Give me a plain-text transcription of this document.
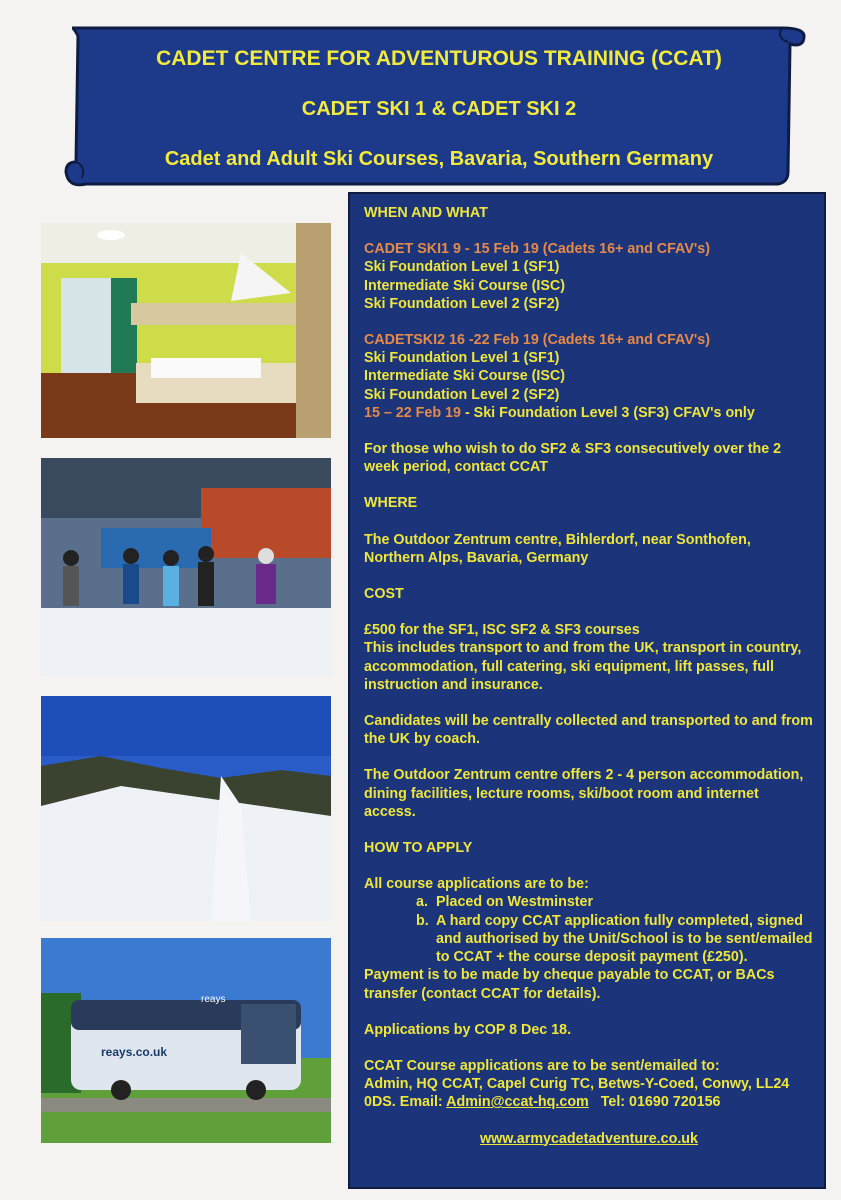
CADET CENTRE FOR ADVENTUROUS TRAINING (CCAT)
CADET SKI 1 & CADET SKI 2
Cadet and Adult Ski Courses, Bavaria, Southern Germany
reays
reays.co.uk

WHEN AND WHAT

CADET SKI1 9 - 15 Feb 19 (Cadets 16+ and CFAV's)

Ski Foundation Level 1 (SF1)

Intermediate Ski Course (ISC)

Ski Foundation Level 2 (SF2)

CADETSKI2 16 -22 Feb 19 (Cadets 16+ and CFAV's)

Ski Foundation Level 1 (SF1)

Intermediate Ski Course (ISC)

Ski Foundation Level 2 (SF2)

15 – 22 Feb 19 - Ski Foundation Level 3 (SF3) CFAV's only

For those who wish to do SF2 & SF3 consecutively over the 2 week period, contact CCAT

WHERE

The Outdoor Zentrum centre, Bihlerdorf, near Sonthofen, Northern Alps, Bavaria, Germany

COST

£500 for the SF1, ISC SF2 & SF3 courses

This includes transport to and from the UK, transport in country, accommodation, full catering, ski equipment, lift passes, full instruction and insurance.

Candidates will be centrally collected and transported to and from the UK by coach.

The Outdoor Zentrum centre offers 2 - 4 person accommodation, dining facilities, lecture rooms, ski/boot room and internet access.

HOW TO APPLY

All course applications are to be:

a. Placed on Westminster
b. A hard copy CCAT application fully completed, signed and authorised by the Unit/School is to be sent/emailed to CCAT + the course deposit payment (£250).

Payment is to be made by cheque payable to CCAT, or BACs transfer (contact CCAT for details).

Applications by COP 8 Dec 18.

CCAT Course applications are to be sent/emailed to:

Admin, HQ CCAT, Capel Curig TC, Betws-Y-Coed, Conwy, LL24 0DS. Email: Admin@ccat-hq.com Tel: 01690 720156

www.armycadetadventure.co.uk
